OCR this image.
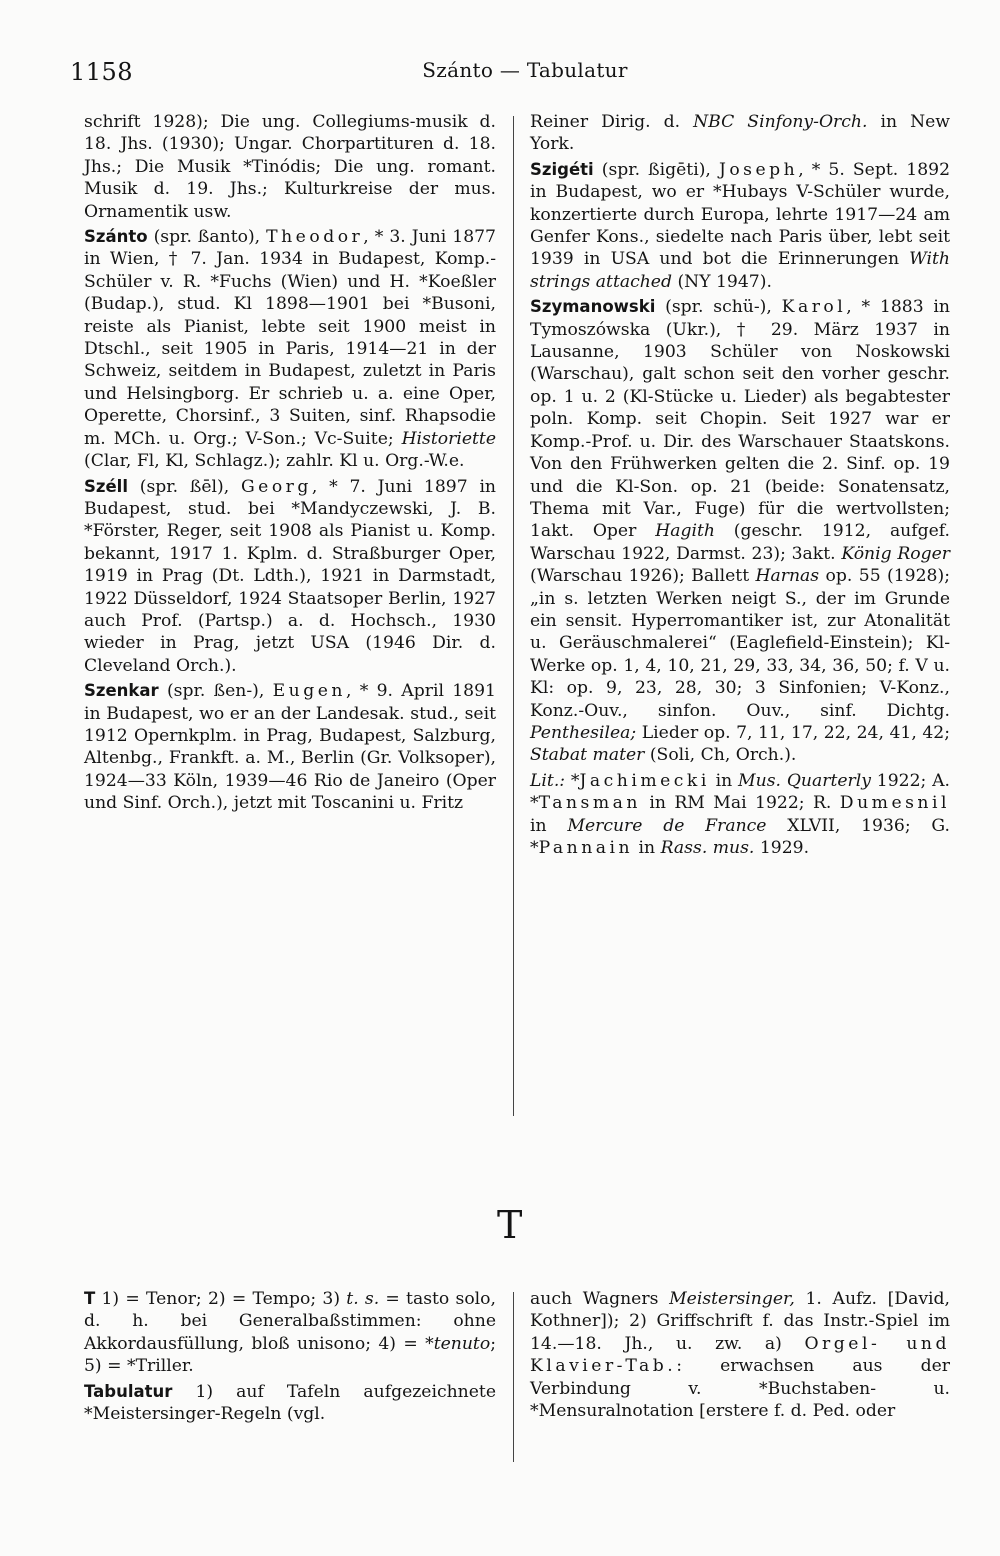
1158	Szánto — Tabulatur

schrift 1928); Die ung. Collegiums-musik d. 18. Jhs. (1930); Ungar. Chorpartituren d. 18. Jhs.; Die Musik *Tinódis; Die ung. romant. Musik d. 19. Jhs.; Kulturkreise der mus. Ornamentik usw.

Szánto (spr. ßanto), Theodor, * 3. Juni 1877 in Wien, † 7. Jan. 1934 in Budapest, Komp.-Schüler v. R. *Fuchs (Wien) und H. *Koeßler (Budap.), stud. Kl 1898—1901 bei *Busoni, reiste als Pianist, lebte seit 1900 meist in Dtschl., seit 1905 in Paris, 1914—21 in der Schweiz, seitdem in Budapest, zuletzt in Paris und Helsingborg. Er schrieb u. a. eine Oper, Operette, Chorsinf., 3 Suiten, sinf. Rhapsodie m. MCh. u. Org.; V-Son.; Vc-Suite; Historiette (Clar, Fl, Kl, Schlagz.); zahlr. Kl u. Org.-W.e.

Széll (spr. ßēl), Georg, * 7. Juni 1897 in Budapest, stud. bei *Mandyczewski, J. B. *Förster, Reger, seit 1908 als Pianist u. Komp. bekannt, 1917 1. Kplm. d. Straßburger Oper, 1919 in Prag (Dt. Ldth.), 1921 in Darmstadt, 1922 Düsseldorf, 1924 Staatsoper Berlin, 1927 auch Prof. (Partsp.) a. d. Hochsch., 1930 wieder in Prag, jetzt USA (1946 Dir. d. Cleveland Orch.).

Szenkar (spr. ßen-), Eugen, * 9. April 1891 in Budapest, wo er an der Landesak. stud., seit 1912 Opernkplm. in Prag, Budapest, Salzburg, Altenbg., Frankft. a. M., Berlin (Gr. Volksoper), 1924—33 Köln, 1939—46 Rio de Janeiro (Oper und Sinf. Orch.), jetzt mit Toscanini u. Fritz

Reiner Dirig. d. NBC Sinfony-Orch. in New York.

Szigéti (spr. ßigēti), Joseph, * 5. Sept. 1892 in Budapest, wo er *Hubays V-Schüler wurde, konzertierte durch Europa, lehrte 1917—24 am Genfer Kons., siedelte nach Paris über, lebt seit 1939 in USA und bot die Erinnerungen With strings attached (NY 1947).

Szymanowski (spr. schü-), Karol, * 1883 in Tymoszówska (Ukr.), † 29. März 1937 in Lausanne, 1903 Schüler von Noskowski (Warschau), galt schon seit den vorher geschr. op. 1 u. 2 (Kl-Stücke u. Lieder) als begabtester poln. Komp. seit Chopin. Seit 1927 war er Komp.-Prof. u. Dir. des Warschauer Staatskons. Von den Frühwerken gelten die 2. Sinf. op. 19 und die Kl-Son. op. 21 (beide: Sonatensatz, Thema mit Var., Fuge) für die wertvollsten; 1akt. Oper Hagith (geschr. 1912, aufgef. Warschau 1922, Darmst. 23); 3akt. König Roger (Warschau 1926); Ballett Harnas op. 55 (1928); „in s. letzten Werken neigt S., der im Grunde ein sensit. Hyperromantiker ist, zur Atonalität u. Geräuschmalerei“ (Eaglefield-Einstein); Kl-Werke op. 1, 4, 10, 21, 29, 33, 34, 36, 50; f. V u. Kl: op. 9, 23, 28, 30; 3 Sinfonien; V-Konz., Konz.-Ouv., sinfon. Ouv., sinf. Dichtg. Penthesilea; Lieder op. 7, 11, 17, 22, 24, 41, 42; Stabat mater (Soli, Ch, Orch.).

Lit.: *Jachimecki in Mus. Quarterly 1922; A. *Tansman in RM Mai 1922; R. Dumesnil in Mercure de France XLVII, 1936; G. *Pannain in Rass. mus. 1929.

T

T 1) = Tenor; 2) = Tempo; 3) t. s. = tasto solo, d. h. bei Generalbaßstimmen: ohne Akkordausfüllung, bloß unisono; 4) = *tenuto; 5) = *Triller.

Tabulatur 1) auf Tafeln aufgezeichnete *Meistersinger-Regeln (vgl.

auch Wagners Meistersinger, 1. Aufz. [David, Kothner]); 2) Griffschrift f. das Instr.-Spiel im 14.—18. Jh., u. zw. a) Orgel- und Klavier-Tab.: erwachsen aus der Verbindung v. *Buchstaben- u. *Mensuralnotation [erstere f. d. Ped. oder
